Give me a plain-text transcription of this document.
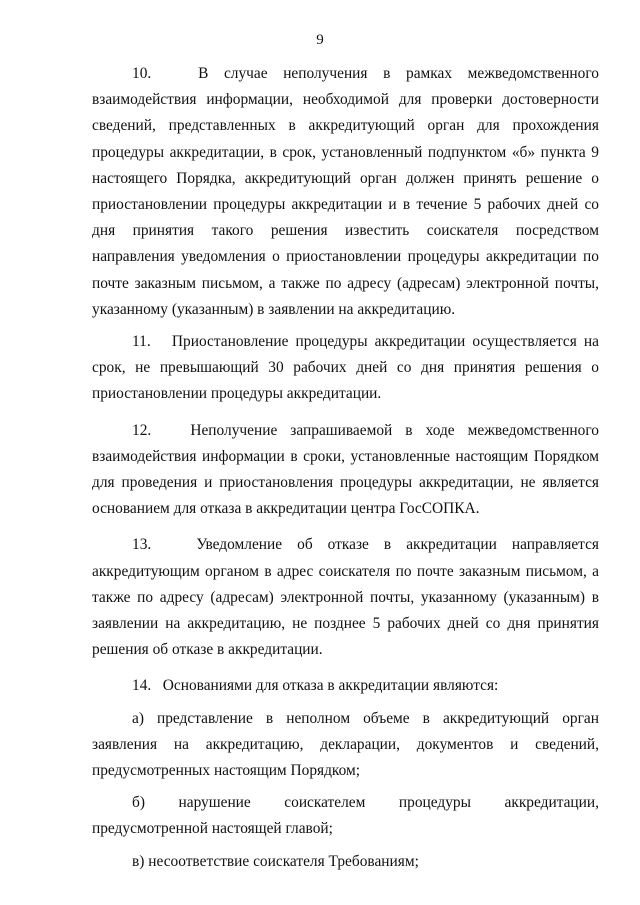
9

10.   В случае неполучения в рамках межведомственного взаимодействия информации, необходимой для проверки достоверности сведений, представленных в аккредитующий орган для прохождения процедуры аккредитации, в срок, установленный подпунктом «б» пункта 9 настоящего Порядка, аккредитующий орган должен принять решение о приостановлении процедуры аккредитации и в течение 5 рабочих дней со дня принятия такого решения известить соискателя посредством направления уведомления о приостановлении процедуры аккредитации по почте заказным письмом, а также по адресу (адресам) электронной почты, указанному (указанным) в заявлении на аккредитацию.

11.   Приостановление процедуры аккредитации осуществляется на срок, не превышающий 30 рабочих дней со дня принятия решения о приостановлении процедуры аккредитации.

12.   Неполучение запрашиваемой в ходе межведомственного взаимодействия информации в сроки, установленные настоящим Порядком для проведения и приостановления процедуры аккредитации, не является основанием для отказа в аккредитации центра ГосСОПКА.

13.   Уведомление об отказе в аккредитации направляется аккредитующим органом в адрес соискателя по почте заказным письмом, а также по адресу (адресам) электронной почты, указанному (указанным) в заявлении на аккредитацию, не позднее 5 рабочих дней со дня принятия решения об отказе в аккредитации.

14.   Основаниями для отказа в аккредитации являются:

а) представление в неполном объеме в аккредитующий орган заявления на аккредитацию, декларации, документов и сведений, предусмотренных настоящим Порядком;

б) нарушение соискателем процедуры аккредитации, предусмотренной настоящей главой;

в) несоответствие соискателя Требованиям;
